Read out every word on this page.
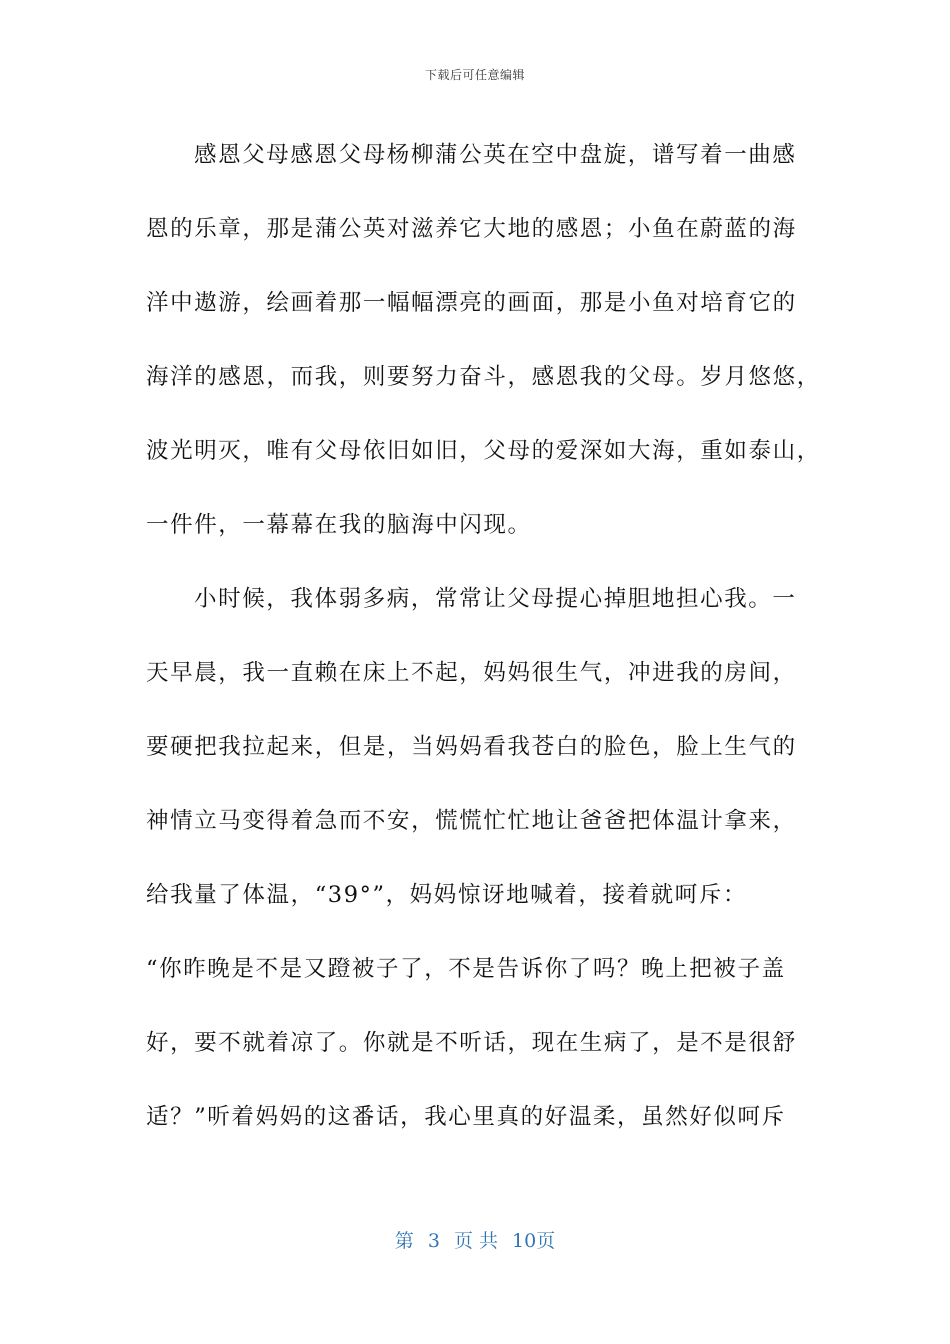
下载后可任意编辑
感恩父母感恩父母杨柳蒲公英在空中盘旋，谱写着一曲感
恩的乐章，那是蒲公英对滋养它大地的感恩；小鱼在蔚蓝的海
洋中遨游，绘画着那一幅幅漂亮的画面，那是小鱼对培育它的
海洋的感恩，而我，则要努力奋斗，感恩我的父母。岁月悠悠，
波光明灭，唯有父母依旧如旧，父母的爱深如大海，重如泰山，
一件件，一幕幕在我的脑海中闪现。
小时候，我体弱多病，常常让父母提心掉胆地担心我。一
天早晨，我一直赖在床上不起，妈妈很生气，冲进我的房间，
要硬把我拉起来，但是，当妈妈看我苍白的脸色，脸上生气的
神情立马变得着急而不安，慌慌忙忙地让爸爸把体温计拿来，
给我量了体温，“39°”，妈妈惊讶地喊着，接着就呵斥：
“你昨晚是不是又蹬被子了，不是告诉你了吗？晚上把被子盖
好，要不就着凉了。你就是不听话，现在生病了，是不是很舒
适？”听着妈妈的这番话，我心里真的好温柔，虽然好似呵斥
第 3 页 共 10页
